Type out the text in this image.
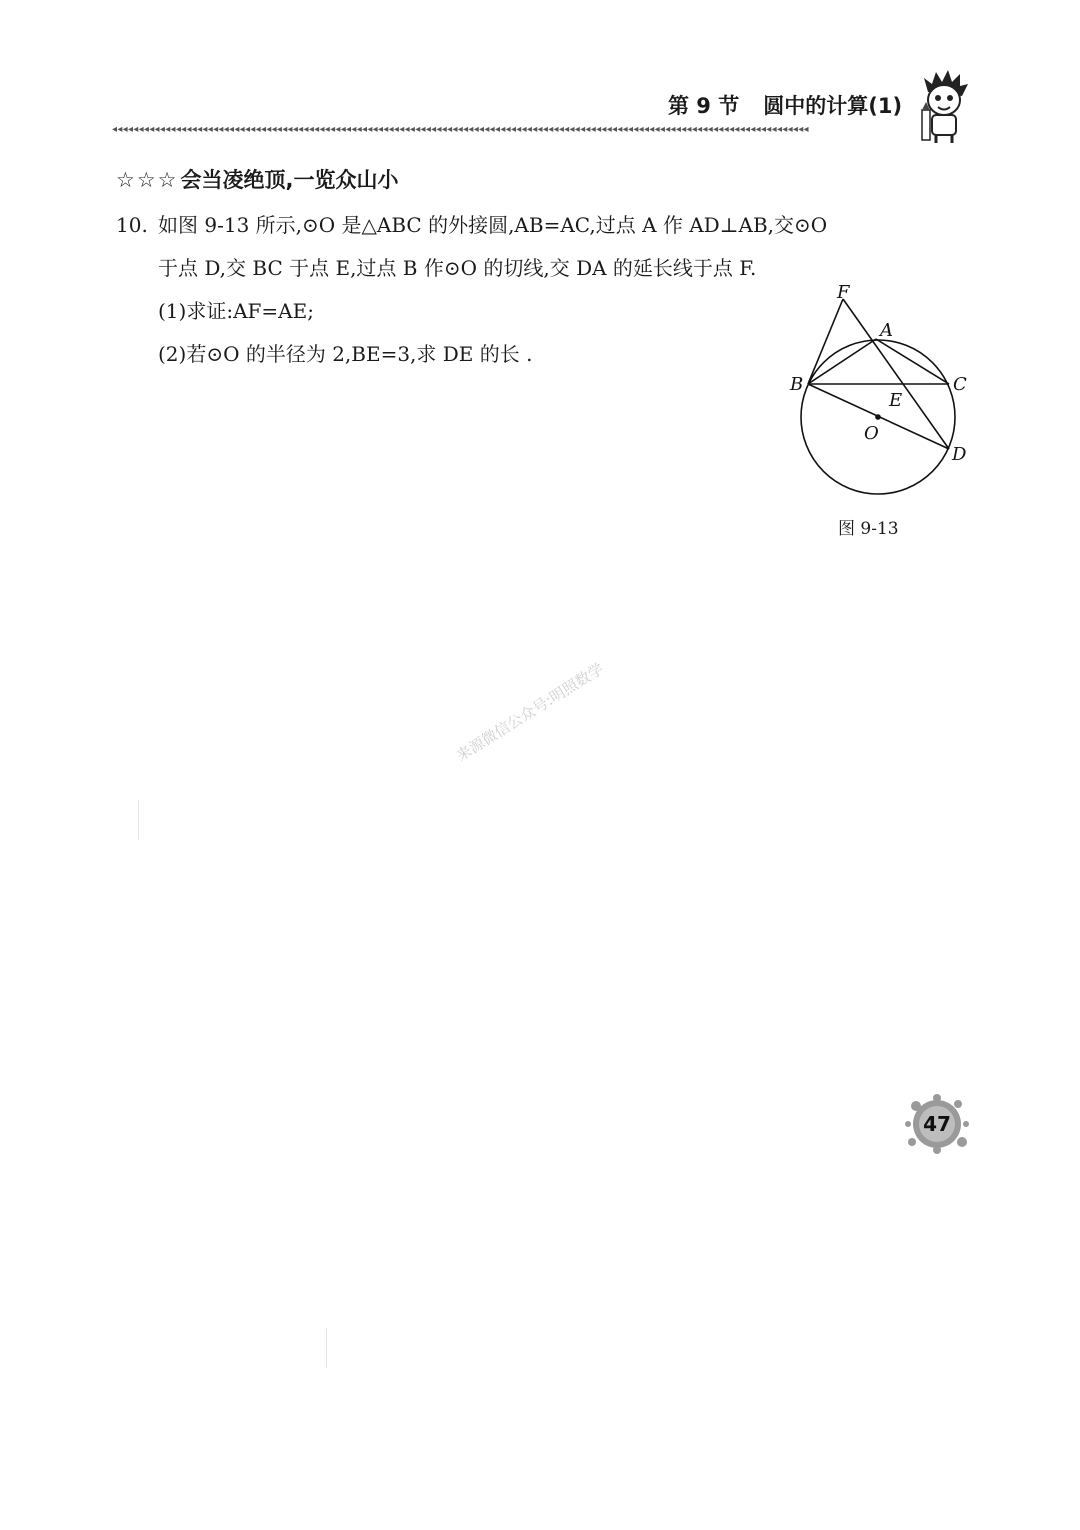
第 9 节 圆中的计算(1)
◂◂◂◂◂◂◂◂◂◂◂◂◂◂◂◂◂◂◂◂◂◂◂◂◂◂◂◂◂◂◂◂◂◂◂◂◂◂◂◂◂◂◂◂◂◂◂◂◂◂◂◂◂◂◂◂◂◂◂◂◂◂◂◂◂◂◂◂◂◂◂◂◂◂◂◂◂◂◂◂◂◂◂◂◂◂◂◂◂◂◂◂◂◂◂◂◂◂◂◂◂◂◂◂◂◂◂◂◂◂◂◂◂◂◂◂◂◂◂◂◂◂◂◂◂◂◂◂◂◂◂
☆☆☆会当凌绝顶,一览众山小
10. 如图 9-13 所示,⊙O 是△ABC 的外接圆,AB=AC,过点 A 作 AD⊥AB,交⊙O
于点 D,交 BC 于点 E,过点 B 作⊙O 的切线,交 DA 的延长线于点 F.
(1)求证:AF=AE;
(2)若⊙O 的半径为 2,BE=3,求 DE 的长 .
F
A
B	C
E
O
D
图 9-13
来源微信公众号:明照数学
47
